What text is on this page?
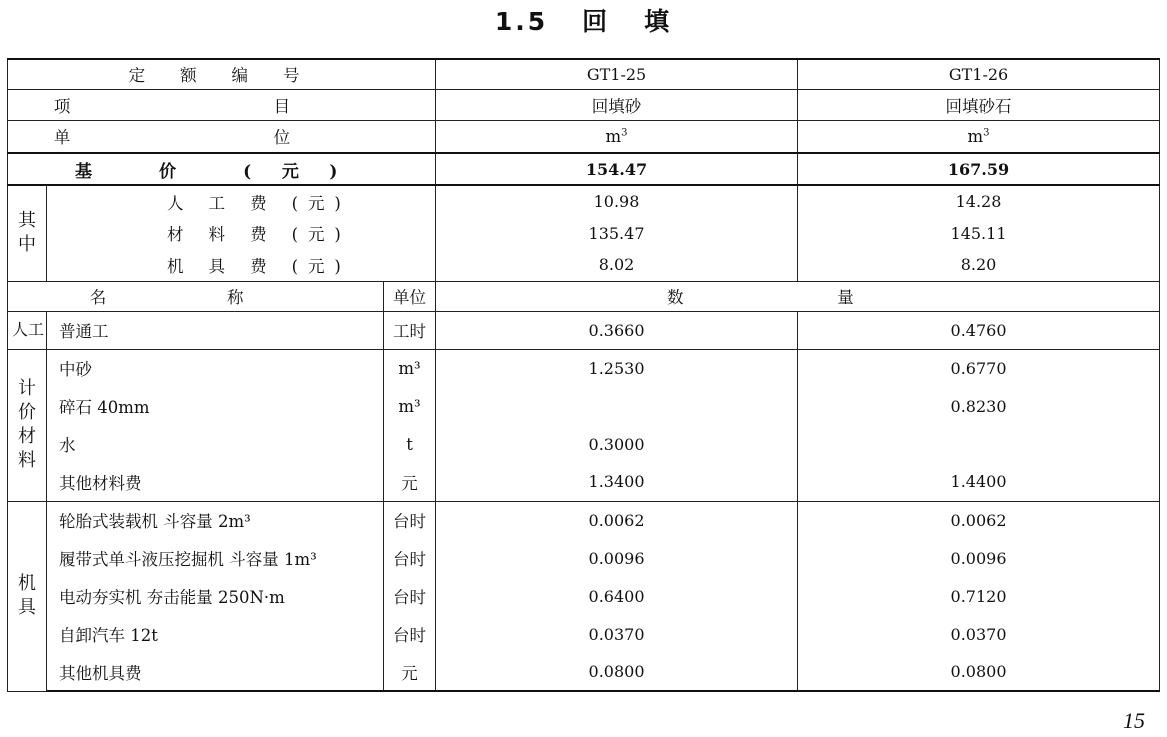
1.5 回 填
定 额 编 号			GT1-25	GT1-26
项 目			回填砂	回填砂石
单 位			$m^3$	$m^3$
基 价 (元)			154.47	167.59

其
中	人 工 费 (元)		10.98	14.28
	材 料 费 (元)		135.47	145.11
	机 具 费 (元)		8.02	8.20
名 称		单位	数 量	

人工	普通工	工时	0.3660	0.4760

计
价
材
料	中砂	m³	1.2530	0.6770
	碎石 40mm	m³		0.8230
	水	t	0.3000	
	其他材料费	元	1.3400	1.4400

机
具	轮胎式装载机 斗容量 2m³	台时	0.0062	0.0062
	履带式单斗液压挖掘机 斗容量 1m³	台时	0.0096	0.0096
	电动夯实机 夯击能量 250N·m	台时	0.6400	0.7120
	自卸汽车 12t	台时	0.0370	0.0370
	其他机具费	元	0.0800	0.0800
15
